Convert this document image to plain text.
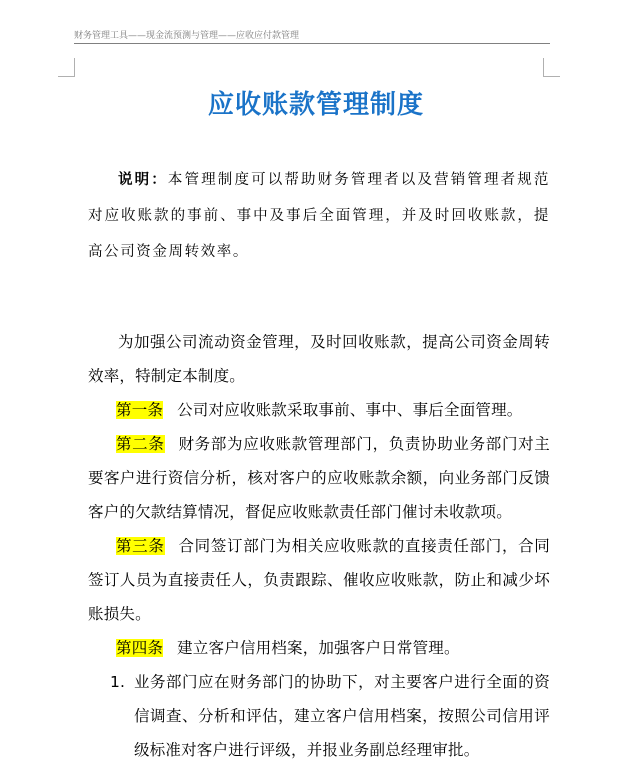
财务管理工具——现金流预测与管理——应收应付款管理
应收账款管理制度
说明：本管理制度可以帮助财务管理者以及营销管理者规范对应收账款的事前、事中及事后全面管理，并及时回收账款，提高公司资金周转效率。

为加强公司流动资金管理，及时回收账款，提高公司资金周转效率，特制定本制度。

第一条 公司对应收账款采取事前、事中、事后全面管理。

第二条 财务部为应收账款管理部门，负责协助业务部门对主要客户进行资信分析，核对客户的应收账款余额，向业务部门反馈客户的欠款结算情况，督促应收账款责任部门催讨未收款项。

第三条 合同签订部门为相关应收账款的直接责任部门，合同签订人员为直接责任人，负责跟踪、催收应收账款，防止和减少坏账损失。

第四条 建立客户信用档案，加强客户日常管理。

1. 业务部门应在财务部门的协助下，对主要客户进行全面的资信调查、分析和评估，建立客户信用档案，按照公司信用评级标准对客户进行评级，并报业务副总经理审批。
